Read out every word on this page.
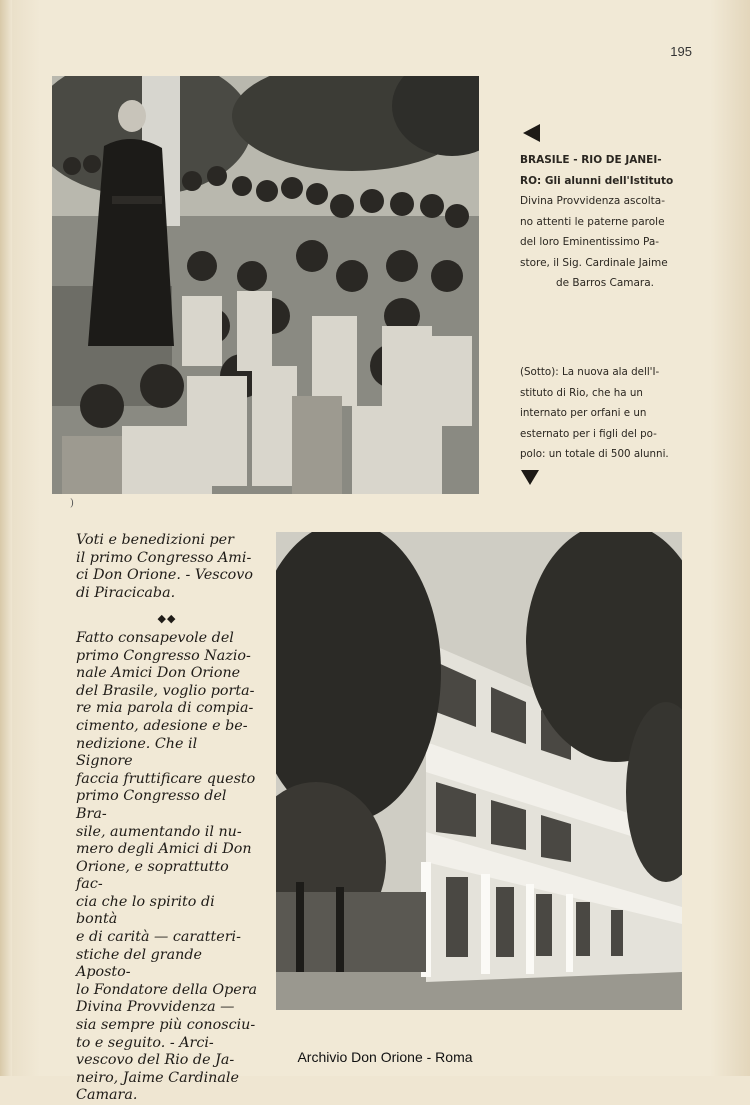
195
BRASILE - RIO DE JANEI-
RO: Gli alunni dell'Istituto
Divina Provvidenza ascolta-
no attenti le paterne parole
del loro Eminentissimo Pa-
store, il Sig. Cardinale Jaime
de Barros Camara.
(Sotto): La nuova ala dell'I-
stituto di Rio, che ha un
internato per orfani e un
esternato per i figli del po-
polo: un totale di 500 alunni.
)
Voti e benedizioni per
il primo Congresso Ami-
ci Don Orione. - Vescovo
di Piracicaba.
◆◆
Fatto consapevole del
primo Congresso Nazio-
nale Amici Don Orione
del Brasile, voglio porta-
re mia parola di compia-
cimento, adesione e be-
nedizione. Che il Signore
faccia fruttificare questo
primo Congresso del Bra-
sile, aumentando il nu-
mero degli Amici di Don
Orione, e soprattutto fac-
cia che lo spirito di bontà
e di carità — caratteri-
stiche del grande Aposto-
lo Fondatore della Opera
Divina Provvidenza —
sia sempre più conosciu-
to e seguito. - Arci-
vescovo del Rio de Ja-
neiro, Jaime Cardinale
Camara.
Archivio Don Orione - Roma
